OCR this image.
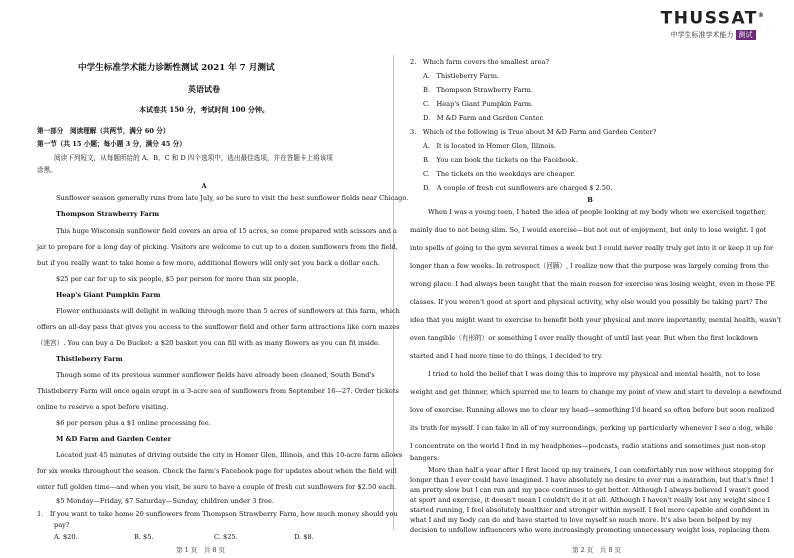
THUSSAT®
中学生标准学术能力 测试
中学生标准学术能力诊断性测试 2021 年 7 月测试
英语试卷
本试卷共 150 分，考试时间 100 分钟。
第一部分　阅读理解（共两节，满分 60 分）
第一节（共 15 小题；每小题 3 分，满分 45 分）
阅读下列短文，从每题所给的 A、B、C 和 D 四个选项中，选出最佳选项，并在答题卡上将该项
涂黑。
A
Sunflower season generally runs from late July, so be sure to visit the best sunflower fields near Chicago.
Thompson Strawberry Farm
This huge Wisconsin sunflower field covers an area of 15 acres, so come prepared with scissors and a
jar to prepare for a long day of picking. Visitors are welcome to cut up to a dozen sunflowers from the field,
but if you really want to take home a few more, additional flowers will only set you back a dollar each.
$25 per car for up to six people, $5 per person for more than six people.
Heap's Giant Pumpkin Farm
Flower enthusiasts will delight in walking through more than 5 acres of sunflowers at this farm, which
offers an all-day pass that gives you access to the sunflower field and other farm attractions like corn mazes
（迷宫）. You can buy a De Bucket: a $20 basket you can fill with as many flowers as you can fit inside.
Thistleberry Farm
Though some of its previous summer sunflower fields have already been cleaned, South Bend's
Thistleberry Farm will once again erupt in a 3-acre sea of sunflowers from September 16—27. Order tickets
online to reserve a spot before visiting.
$6 per person plus a $1 online processing fee.
M &D Farm and Garden Center
Located just 45 minutes of driving outside the city in Homer Glen, Illinois, and this 10-acre farm allows
for six weeks throughout the season. Check the farm's Facebook page for updates about when the field will
enter full golden time—and when you visit, be sure to have a couple of fresh cut sunflowers for $2.50 each.
$5 Monday—Friday, $7 Saturday—Sunday, children under 3 free.
1.　If you want to take home 20 sunflowers from Thompson Strawberry Farm, how much money should you
pay?
A. $20.	B. $5.	C. $25.	D. $8.
第 1 页　共 8 页
2.　Which farm covers the smallest area?
A.　Thistleberry Farm.
B.　Thompson Strawberry Farm.
C.　Heap's Giant Pumpkin Farm.
D.　M &D Farm and Garden Center.
3.　Which of the following is True about M &D Farm and Garden Center?
A.　It is located in Homer Glen, Illinois.
B.　You can book the tickets on the Facebook.
C.　The tickets on the weekdays are cheaper.
D.　A couple of fresh cut sunflowers are charged $ 2.50.
B
When I was a young teen, I hated the idea of people looking at my body when we exercised together,
mainly due to not being slim. So, I would exercise—but not out of enjoyment, but only to lose weight. I got
into spells of going to the gym several times a week but I could never really truly get into it or keep it up for
longer than a few weeks. In retrospect（回顾）, I realize now that the purpose was largely coming from the
wrong place. I had always been taught that the main reason for exercise was losing weight, even in those PE
classes. If you weren't good at sport and physical activity, why else would you possibly be taking part? The
idea that you might want to exercise to benefit both your physical and more importantly, mental health, wasn't
even tangible（有形的）or something I ever really thought of until last year. But when the first lockdown
started and I had more time to do things, I decided to try.
I tried to hold the belief that I was doing this to improve my physical and mental health, not to lose
weight and get thinner, which spurred me to learn to change my point of view and start to develop a newfound
love of exercise. Running allows me to clear my head—something I'd heard so often before but soon realized
its truth for myself. I can take in all of my surroundings, perking up particularly whenever I see a dog, while
I concentrate on the world I find in my headphones—podcasts, radio stations and sometimes just non-stop
bangers.
More than half a year after I first laced up my trainers, I can comfortably run now without stopping for
longer than I ever could have imagined. I have absolutely no desire to ever run a marathon, but that's fine! I
am pretty slow but I can run and my pace continues to get better. Although I always believed I wasn't good
at sport and exercise, it doesn't mean I couldn't do it at all. Although I haven't really lost any weight since I
started running, I feel absolutely healthier and stronger within myself. I feel more capable and confident in
what I and my body can do and have started to love myself so much more. It's also been helped by my
decision to unfollow influencers who were increasingly promoting unnecessary weight loss, replacing them
第 2 页　共 8 页
